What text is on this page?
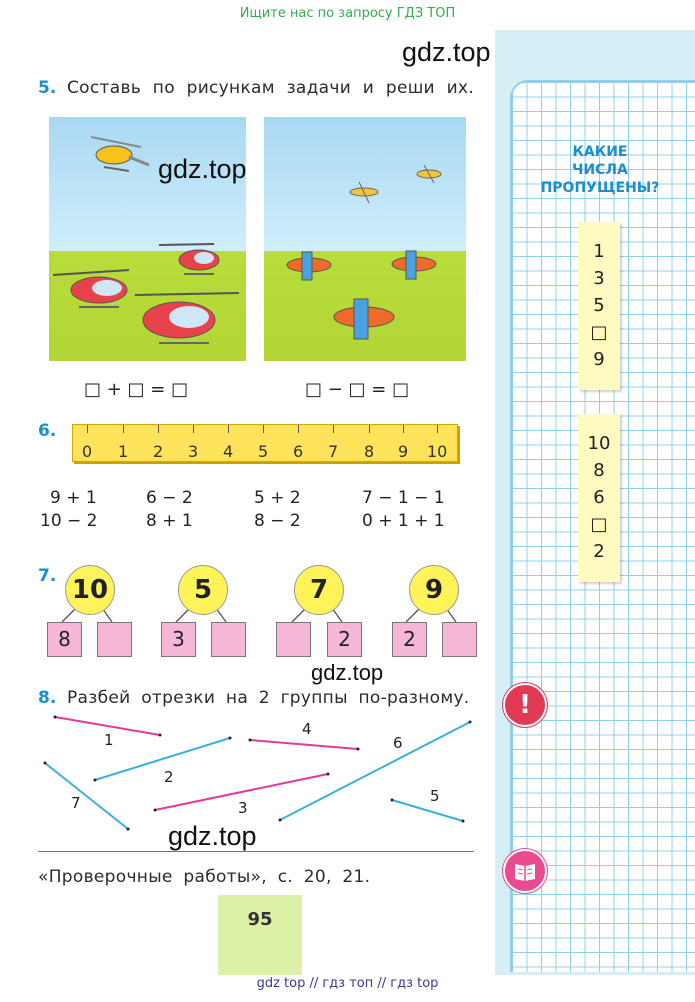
Ищите нас по запросу ГДЗ ТОП
gdz.top
5. Составь по рисункам задачи и реши их.
gdz.top
□ + □ = □	□ − □ = □
6.
0 1 2 3 4 5 6 7 8 9 10
9 + 1
10 − 2
6 − 2
8 + 1
5 + 2
8 − 2
7 − 1 − 1
0 + 1 + 1
7. 10
8
5
3
7
2
9
2
gdz.top
8. Разбей отрезки на 2 группы по-разному.
1
2
3
4
5
6
7
gdz.top
«Проверочные работы», с. 20, 21.
КАКИЕ
ЧИСЛА
ПРОПУЩЕНЫ?
1
3
5
□
9
10
8
6
□
2
!
95
gdz top // гдз топ // гдз top
